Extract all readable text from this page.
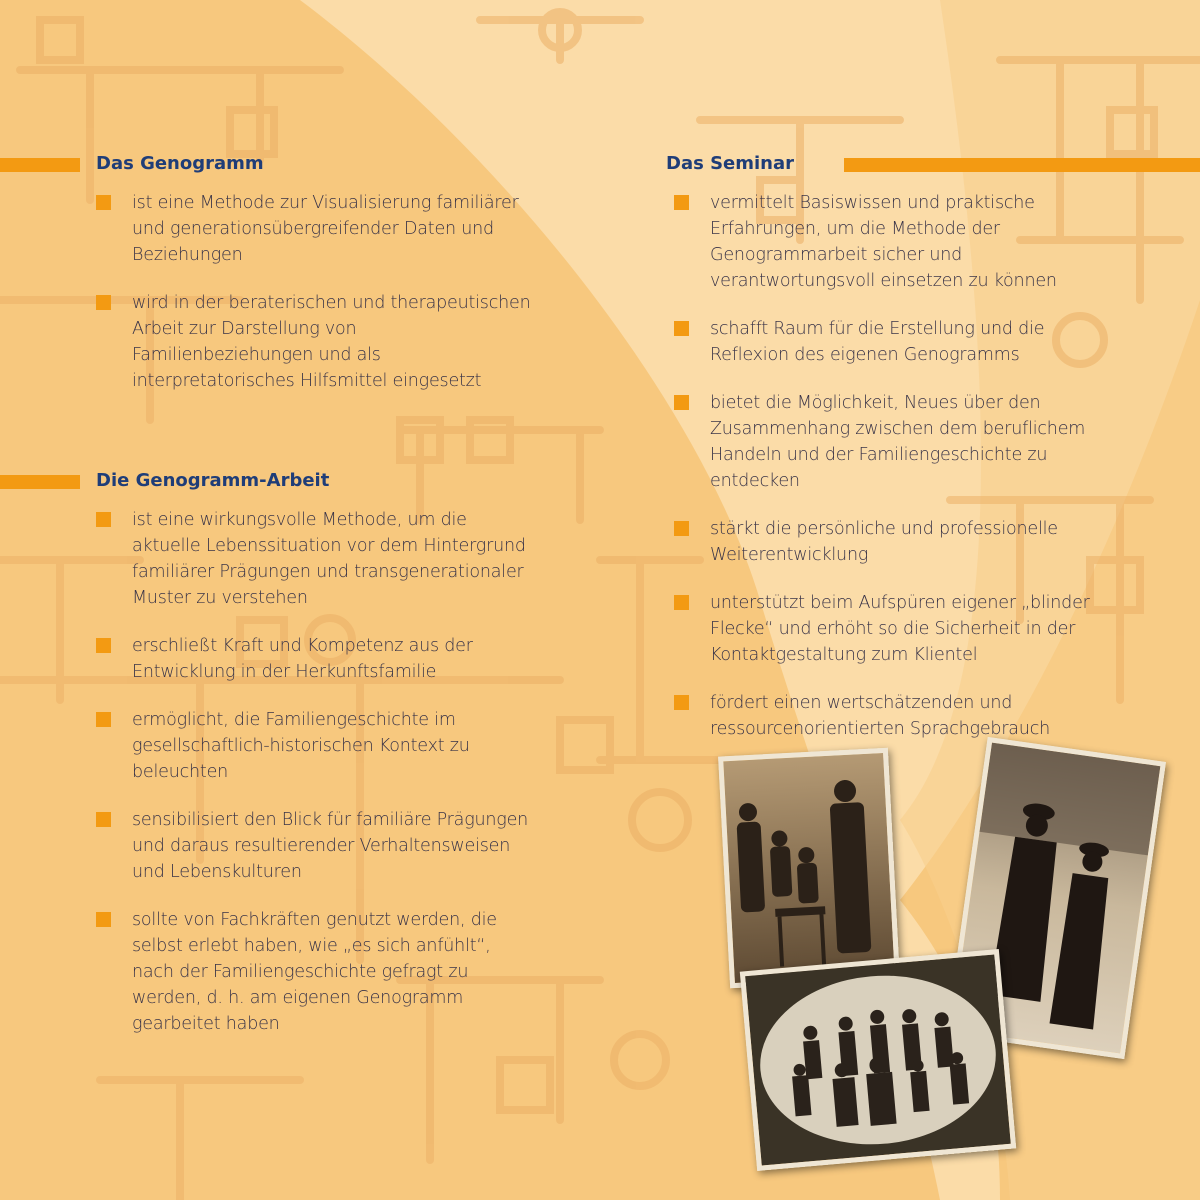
Das Genogramm
ist eine Methode zur Visualisierung familiärer und generationsübergreifender Daten und Beziehungen
wird in der beraterischen und therapeutischen Arbeit zur Darstellung von Familienbeziehungen und als interpretatorisches Hilfsmittel eingesetzt
Die Genogramm-Arbeit
ist eine wirkungsvolle Methode, um die aktuelle Lebenssituation vor dem Hintergrund familiärer Prägungen und transgenerationaler Muster zu verstehen
erschließt Kraft und Kompetenz aus der Entwicklung in der Herkunftsfamilie
ermöglicht, die Familiengeschichte im gesellschaftlich-historischen Kontext zu beleuchten
sensibilisiert den Blick für familiäre Prägungen und daraus resultierender Verhaltensweisen und Lebenskulturen
sollte von Fachkräften genutzt werden, die selbst erlebt haben, wie „es sich anfühlt“, nach der Familiengeschichte gefragt zu werden, d. h. am eigenen Genogramm gearbeitet haben
Das Seminar
vermittelt Basiswissen und praktische Erfahrungen, um die Methode der Genogrammarbeit sicher und verantwortungsvoll einsetzen zu können
schafft Raum für die Erstellung und die Reflexion des eigenen Genogramms
bietet die Möglichkeit, Neues über den Zusammenhang zwischen dem beruflichem Handeln und der Familiengeschichte zu entdecken
stärkt die persönliche und professionelle Weiterentwicklung
unterstützt beim Aufspüren eigener „blinder Flecke“ und erhöht so die Sicherheit in der Kontaktgestaltung zum Klientel
fördert einen wertschätzenden und ressourcenorientierten Sprachgebrauch
